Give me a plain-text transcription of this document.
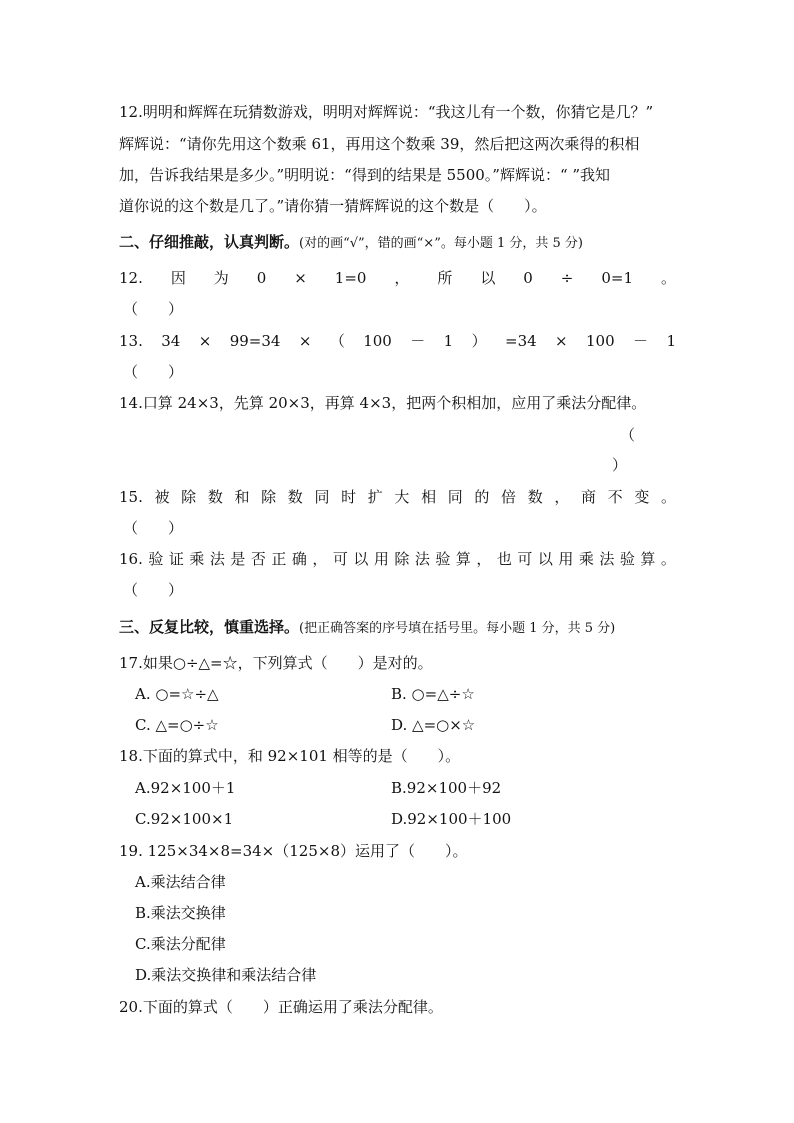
12.明明和辉辉在玩猜数游戏，明明对辉辉说：“我这儿有一个数，你猜它是几？”
辉辉说：“请你先用这个数乘 61，再用这个数乘 39，然后把这两次乘得的积相
加，告诉我结果是多少。”明明说：“得到的结果是 5500。”辉辉说：“ ”我知
道你说的这个数是几了。”请你猜一猜辉辉说的这个数是（　　）。
二、仔细推敲，认真判断。(对的画“√”，错的画“×”。每小题 1 分，共 5 分)
12. 因 为 0 × 1=0 ， 所 以 0 ÷ 0=1 。
（　　）
13. 34 × 99=34 × （ 100 － 1 ） =34 × 100 － 1
（　　）
14.口算 24×3，先算 20×3，再算 4×3，把两个积相加，应用了乘法分配律。
（
）
15. 被 除 数 和 除 数 同 时 扩 大 相 同 的 倍 数 ， 商 不 变 。
（　　）
16. 验 证 乘 法 是 否 正 确 ， 可 以 用 除 法 验 算 ， 也 可 以 用 乘 法 验 算 。
（　　）
三、反复比较，慎重选择。(把正确答案的序号填在括号里。每小题 1 分，共 5 分)
17.如果○÷△=☆，下列算式（　　）是对的。
A. ○=☆÷△	B. ○=△÷☆
C. △=○÷☆	D. △=○×☆
18.下面的算式中，和 92×101 相等的是（　　）。
A.92×100＋1	B.92×100＋92
C.92×100×1	D.92×100＋100
19. 125×34×8=34×（125×8）运用了（　　）。
A.乘法结合律
B.乘法交换律
C.乘法分配律
D.乘法交换律和乘法结合律
20.下面的算式（　　）正确运用了乘法分配律。
